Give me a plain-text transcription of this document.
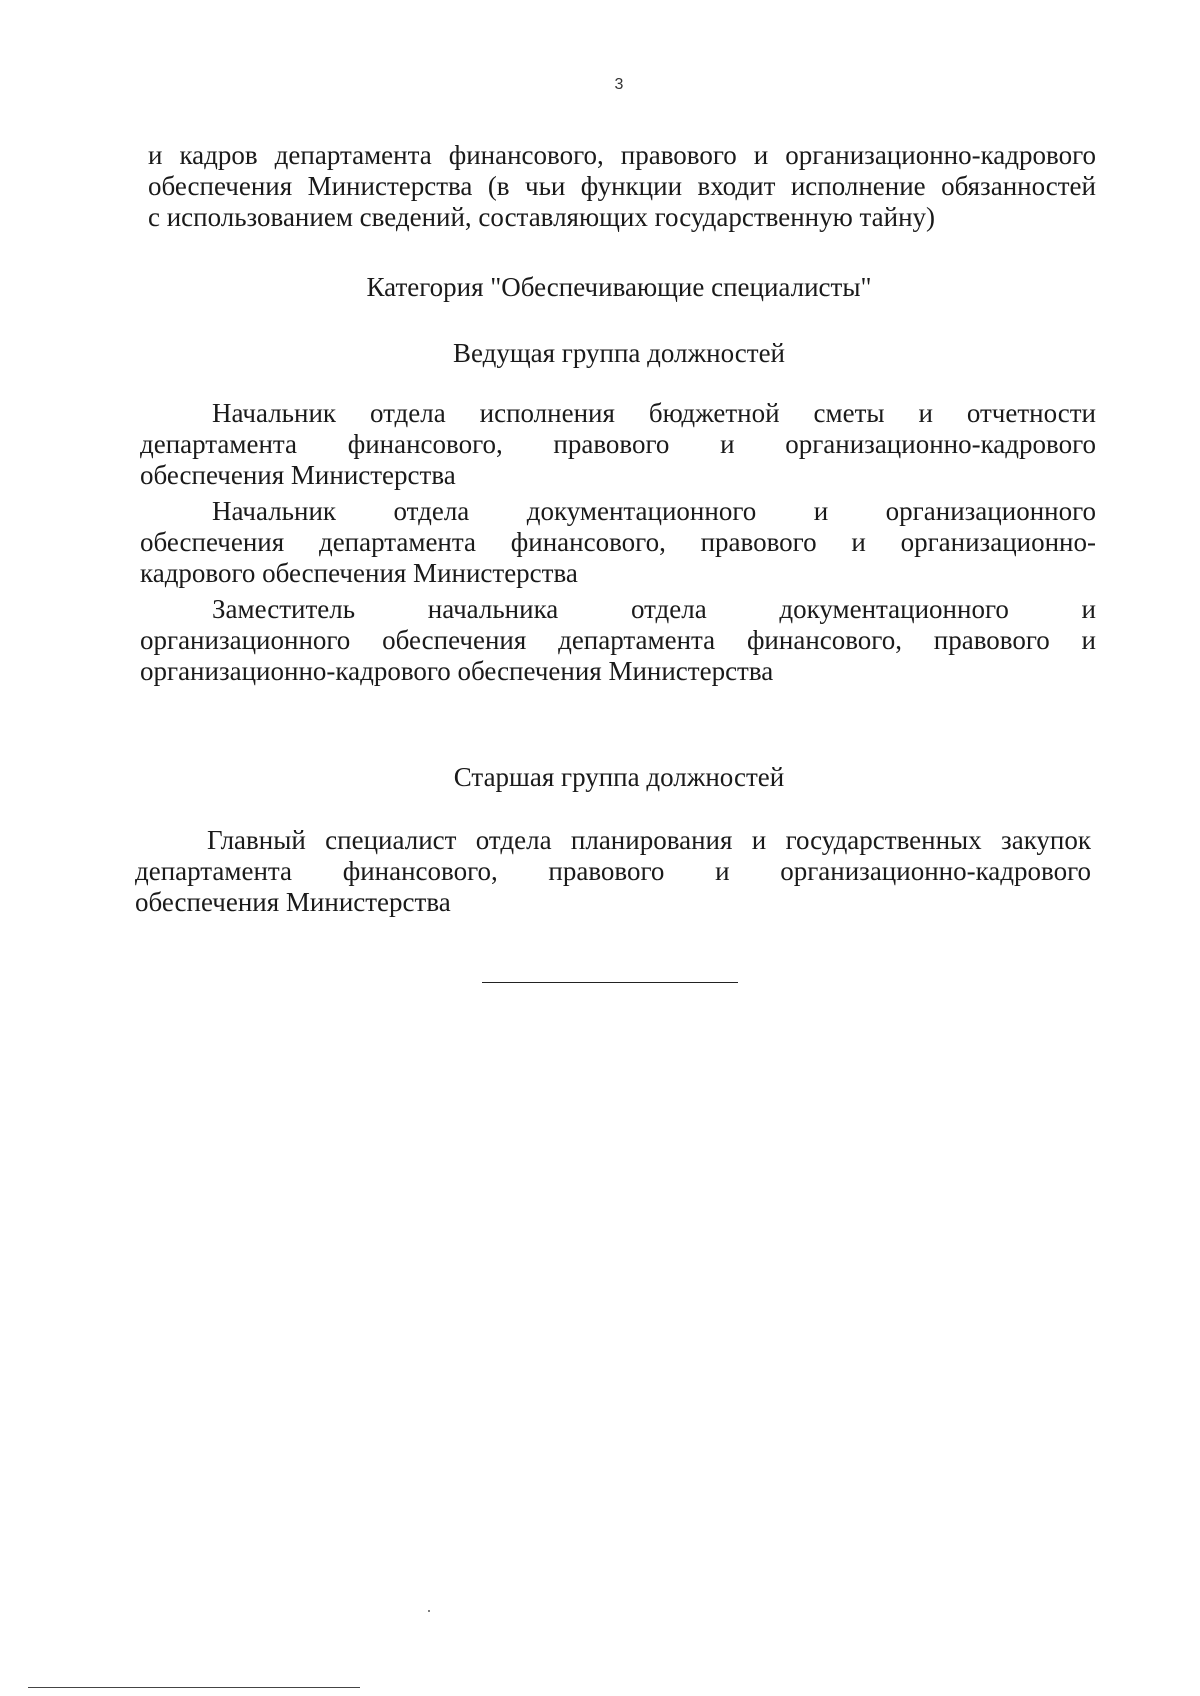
3

и кадров департамента финансового, правового и организационно-кадрового
обеспечения Министерства (в чьи функции входит исполнение обязанностей
с использованием сведений, составляющих государственную тайну)

Категория "Обеспечивающие специалисты"

Ведущая группа должностей

Начальник отдела исполнения бюджетной сметы и отчетности
департамента финансового, правового и организационно-кадрового
обеспечения Министерства

Начальник отдела документационного и организационного
обеспечения департамента финансового, правового и организационно-
кадрового обеспечения Министерства

Заместитель начальника отдела документационного и
организационного обеспечения департамента финансового, правового и
организационно-кадрового обеспечения Министерства

Старшая группа должностей

Главный специалист отдела планирования и государственных закупок
департамента финансового, правового и организационно-кадрового
обеспечения Министерства
